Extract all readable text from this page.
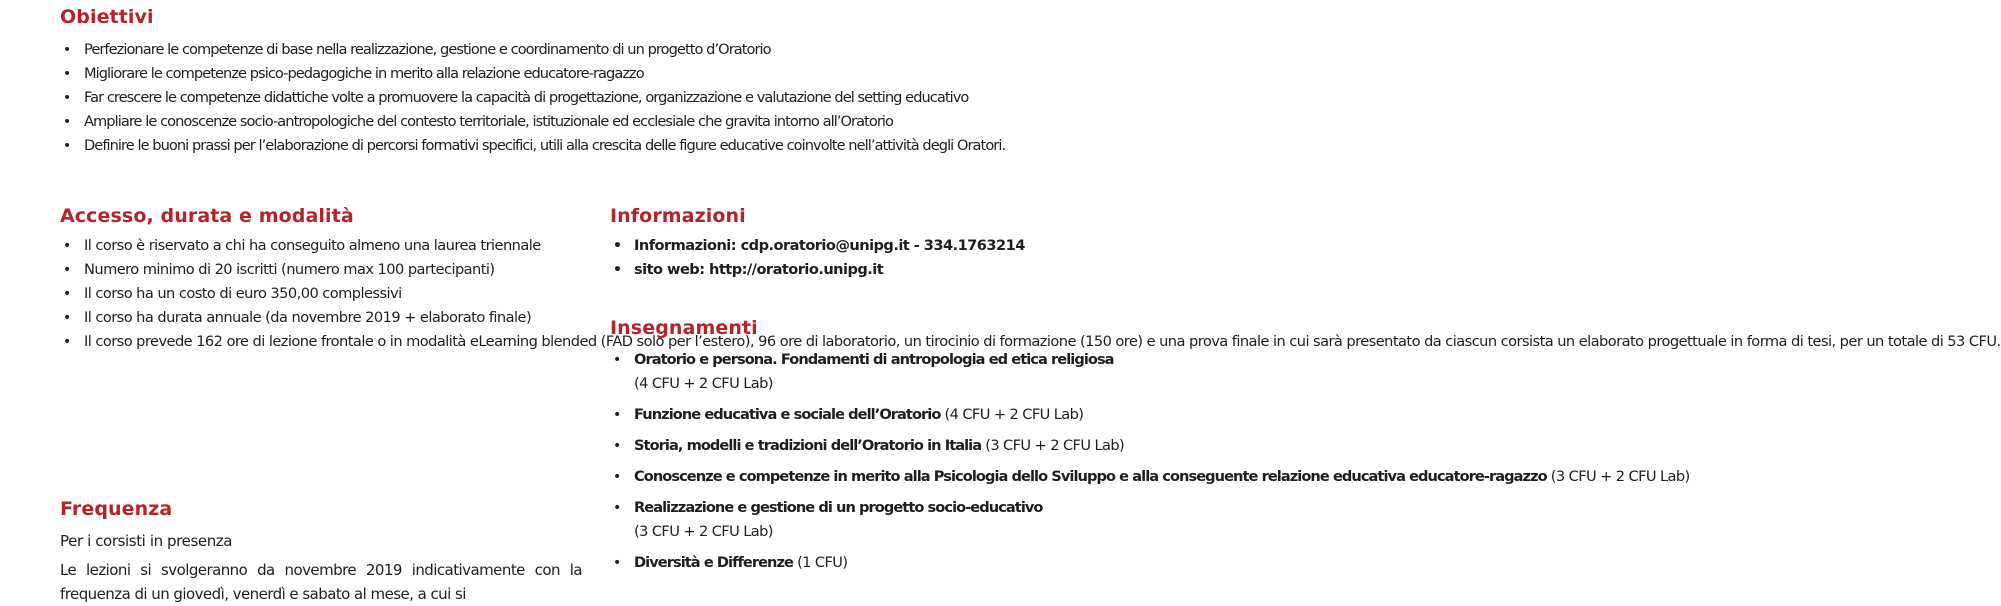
Obiettivi
• Perfezionare le competenze di base nella realizzazione, gestione e coordinamento di un progetto d’Oratorio
• Migliorare le competenze psico-pedagogiche in merito alla relazione educatore-ragazzo
• Far crescere le competenze didattiche volte a promuovere la capacità di progettazione, organizzazione e valutazione del setting educativo
• Ampliare le conoscenze socio-antropologiche del contesto territoriale, istituzionale ed ecclesiale che gravita intorno all’Oratorio
• Definire le buoni prassi per l’elaborazione di percorsi formativi specifici, utili alla crescita delle figure educative coinvolte nell’attività degli Oratori.
Accesso, durata e modalità
• Il corso è riservato a chi ha conseguito almeno una laurea triennale
• Numero minimo di 20 iscritti (numero max 100 partecipanti)
• Il corso ha un costo di euro 350,00 complessivi
• Il corso ha durata annuale (da novembre 2019 + elaborato finale)
• Il corso prevede 162 ore di lezione frontale o in modalità eLearning blended (FAD solo per l’estero), 96 ore di laboratorio, un tirocinio di formazione (150 ore) e una prova finale in cui sarà presentato da ciascun corsista un elaborato progettuale in forma di tesi, per un totale di 53 CFU.
Frequenza

Per i corsisti in presenza

Le lezioni si svolgeranno da novembre 2019 indicativamente con la frequenza di un giovedì, venerdì e sabato al mese, a cui si

Informazioni
• Informazioni: cdp.oratorio@unipg.it - 334.1763214
• sito web: http://oratorio.unipg.it
Insegnamenti
• Oratorio e persona. Fondamenti di antropologia ed etica religiosa
(4 CFU + 2 CFU Lab)
• Funzione educativa e sociale dell’Oratorio (4 CFU + 2 CFU Lab)
• Storia, modelli e tradizioni dell’Oratorio in Italia (3 CFU + 2 CFU Lab)
• Conoscenze e competenze in merito alla Psicologia dello Sviluppo e alla conseguente relazione educativa educatore-ragazzo (3 CFU + 2 CFU Lab)
• Realizzazione e gestione di un progetto socio-educativo
(3 CFU + 2 CFU Lab)
• Diversità e Differenze (1 CFU)
